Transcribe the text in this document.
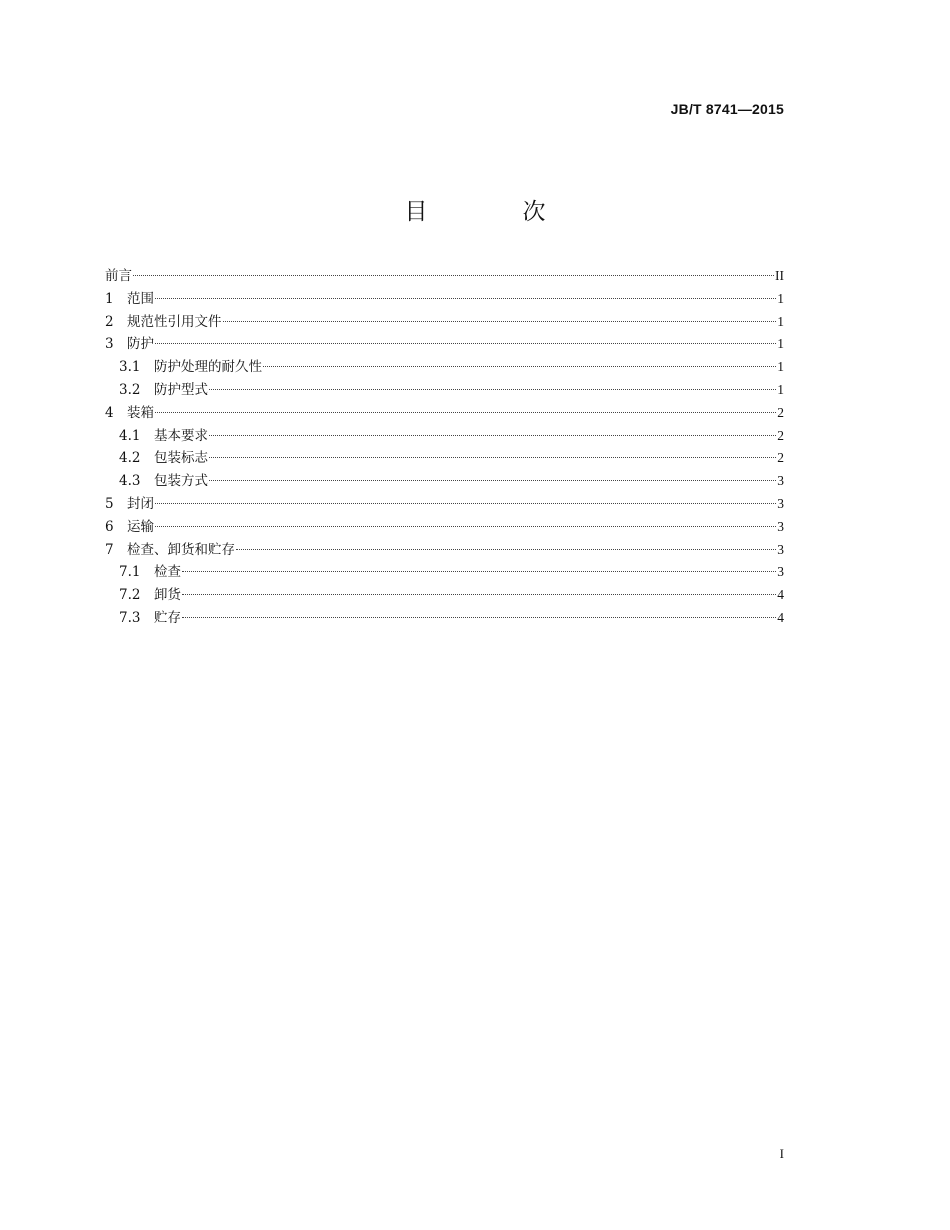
JB/T 8741—2015
目　次
前言	II
1 范围	1
2 规范性引用文件	1
3 防护	1
3.1	防护处理的耐久性	1
3.2	防护型式	1
4 装箱	2
4.1	基本要求	2
4.2	包装标志	2
4.3	包装方式	3
5 封闭	3
6 运输	3
7 检查、卸货和贮存	3
7.1	检查	3
7.2	卸货	4
7.3	贮存	4
I
